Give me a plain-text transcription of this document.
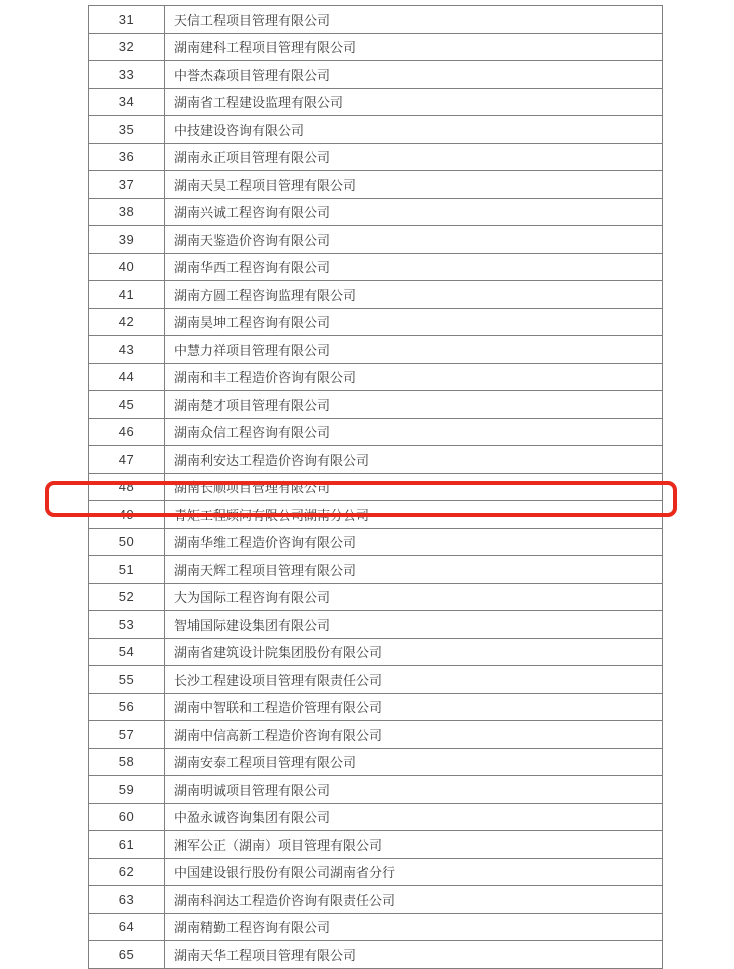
31	天信工程项目管理有限公司
32	湖南建科工程项目管理有限公司
33	中誉杰森项目管理有限公司
34	湖南省工程建设监理有限公司
35	中技建设咨询有限公司
36	湖南永正项目管理有限公司
37	湖南天昊工程项目管理有限公司
38	湖南兴诚工程咨询有限公司
39	湖南天鉴造价咨询有限公司
40	湖南华西工程咨询有限公司
41	湖南方圆工程咨询监理有限公司
42	湖南昊坤工程咨询有限公司
43	中慧力祥项目管理有限公司
44	湖南和丰工程造价咨询有限公司
45	湖南楚才项目管理有限公司
46	湖南众信工程咨询有限公司
47	湖南利安达工程造价咨询有限公司
48	湖南长顺项目管理有限公司
49	青矩工程顾问有限公司湖南分公司
50	湖南华维工程造价咨询有限公司
51	湖南天辉工程项目管理有限公司
52	大为国际工程咨询有限公司
53	智埔国际建设集团有限公司
54	湖南省建筑设计院集团股份有限公司
55	长沙工程建设项目管理有限责任公司
56	湖南中智联和工程造价管理有限公司
57	湖南中信高新工程造价咨询有限公司
58	湖南安泰工程项目管理有限公司
59	湖南明诚项目管理有限公司
60	中盈永诚咨询集团有限公司
61	湘军公正（湖南）项目管理有限公司
62	中国建设银行股份有限公司湖南省分行
63	湖南科润达工程造价咨询有限责任公司
64	湖南精勤工程咨询有限公司
65	湖南天华工程项目管理有限公司
